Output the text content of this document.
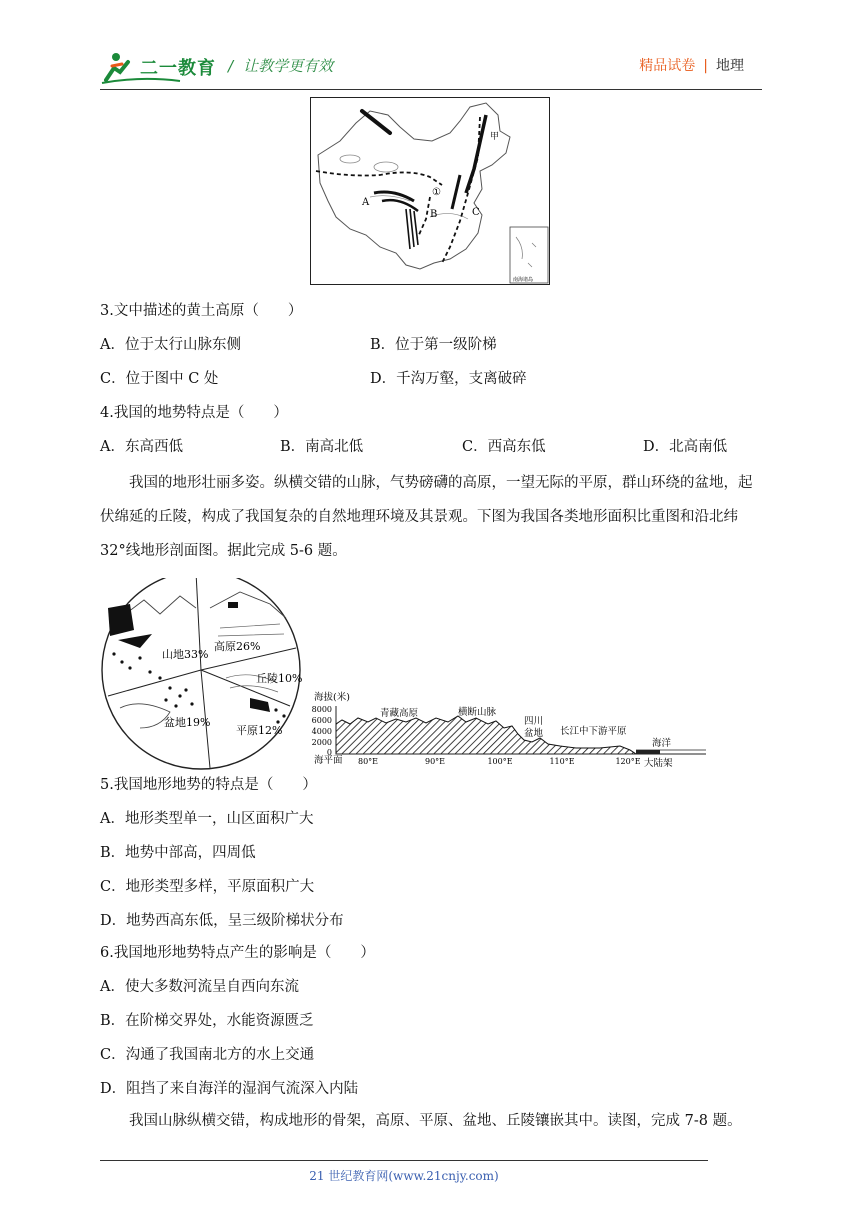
二一教育 / 让教学更有效	精品试卷 | 地理
A
B	C
①
甲
南海诸岛
3.文中描述的黄土高原（　　）
A．位于太行山脉东侧	B．位于第一级阶梯
C．位于图中 C 处	D．千沟万壑，支离破碎
4.我国的地势特点是（　　）
A．东高西低	B．南高北低	C．西高东低	D．北高南低
我国的地形壮丽多姿。纵横交错的山脉，气势磅礴的高原，一望无际的平原，群山环绕的盆地，起伏绵延的丘陵，构成了我国复杂的自然地理环境及其景观。下图为我国各类地形面积比重图和沿北纬 32°线地形剖面图。据此完成 5-6 题。
山地33%
高原26%
丘陵10%
平原12%
盆地19%
海拔(米)
8000
6000
4000
2000
0
海平面
青藏高原	横断山脉
四川
盆地 长江中下游平原
海洋
大陆架
80°E	90°E	100°E	110°E	120°E
5.我国地形地势的特点是（　　）
A．地形类型单一，山区面积广大
B．地势中部高，四周低
C．地形类型多样，平原面积广大
D．地势西高东低，呈三级阶梯状分布
6.我国地形地势特点产生的影响是（　　）
A．使大多数河流呈自西向东流
B．在阶梯交界处，水能资源匮乏
C．沟通了我国南北方的水上交通
D．阻挡了来自海洋的湿润气流深入内陆
我国山脉纵横交错，构成地形的骨架，高原、平原、盆地、丘陵镶嵌其中。读图，完成 7-8 题。
21 世纪教育网(www.21cnjy.com)
